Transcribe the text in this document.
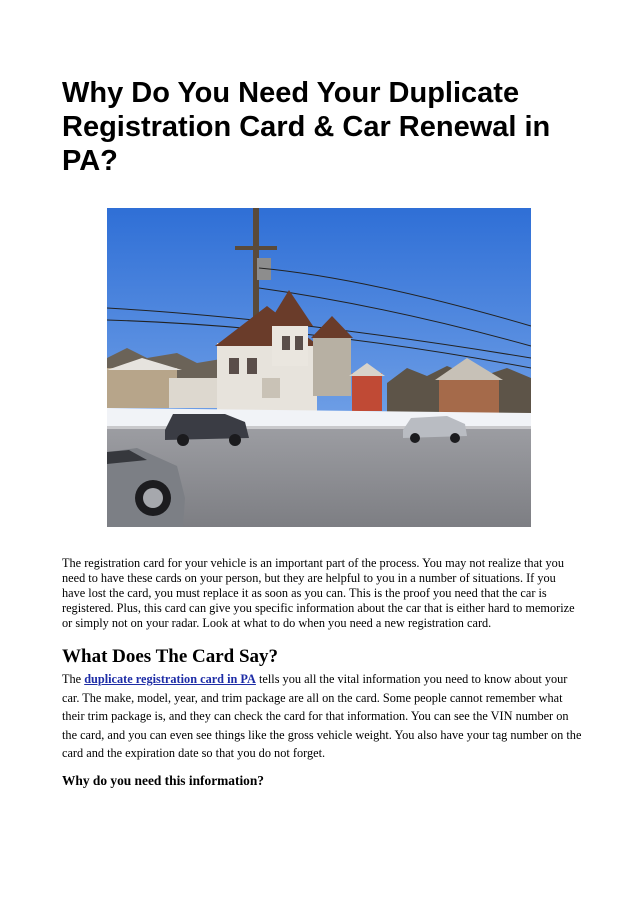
Why Do You Need Your Duplicate Registration Card & Car Renewal in PA?

The registration card for your vehicle is an important part of the process. You may not realize that you need to have these cards on your person, but they are helpful to you in a number of situations. If you have lost the card, you must replace it as soon as you can. This is the proof you need that the car is registered. Plus, this card can give you specific information about the car that is either hard to memorize or simply not on your radar. Look at what to do when you need a new registration card.

What Does The Card Say?

The duplicate registration card in PA tells you all the vital information you need to know about your car. The make, model, year, and trim package are all on the card. Some people cannot remember what their trim package is, and they can check the card for that information. You can see the VIN number on the card, and you can even see things like the gross vehicle weight. You also have your tag number on the card and the expiration date so that you do not forget.

Why do you need this information?
